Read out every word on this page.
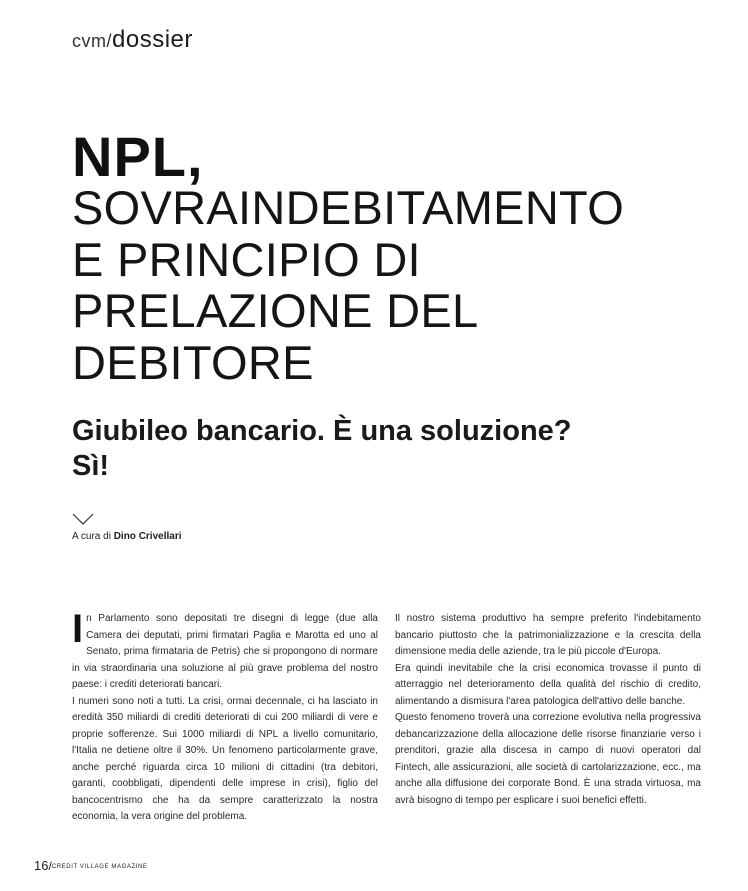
cvm/dossier
NPL,
SOVRAINDEBITAMENTO
E PRINCIPIO DI
PRELAZIONE DEL
DEBITORE
Giubileo bancario. È una soluzione?
Sì!
A cura di Dino Crivellari

In Parlamento sono depositati tre disegni di legge (due alla Camera dei deputati, primi firmatari Paglia e Marotta ed uno al Senato, prima firmataria de Petris) che si propongono di normare in via straordinaria una soluzione al più grave problema del nostro paese: i crediti deteriorati bancari.

I numeri sono noti a tutti. La crisi, ormai decennale, ci ha lasciato in eredità 350 miliardi di crediti deteriorati di cui 200 miliardi di vere e proprie sofferenze. Sui 1000 miliardi di NPL a livello comunitario, l'Italia ne detiene oltre il 30%. Un fenomeno particolarmente grave, anche perché riguarda circa 10 milioni di cittadini (tra debitori, garanti, coobbligati, dipendenti delle imprese in crisi), figlio del bancocentrismo che ha da sempre caratterizzato la nostra economia, la vera origine del problema.

Il nostro sistema produttivo ha sempre preferito l'indebitamento bancario piuttosto che la patrimonializzazione e la crescita della dimensione media delle aziende, tra le più piccole d'Europa.

Era quindi inevitabile che la crisi economica trovasse il punto di atterraggio nel deterioramento della qualità del rischio di credito, alimentando a dismisura l'area patologica dell'attivo delle banche.

Questo fenomeno troverà una correzione evolutiva nella progressiva debancarizzazione della allocazione delle risorse finanziarie verso i prenditori, grazie alla discesa in campo di nuovi operatori dal Fintech, alle assicurazioni, alle società di cartolarizzazione, ecc., ma anche alla diffusione dei corporate Bond. È una strada virtuosa, ma avrà bisogno di tempo per esplicare i suoi benefici effetti.

16/CREDIT VILLAGE MAGAZINE
